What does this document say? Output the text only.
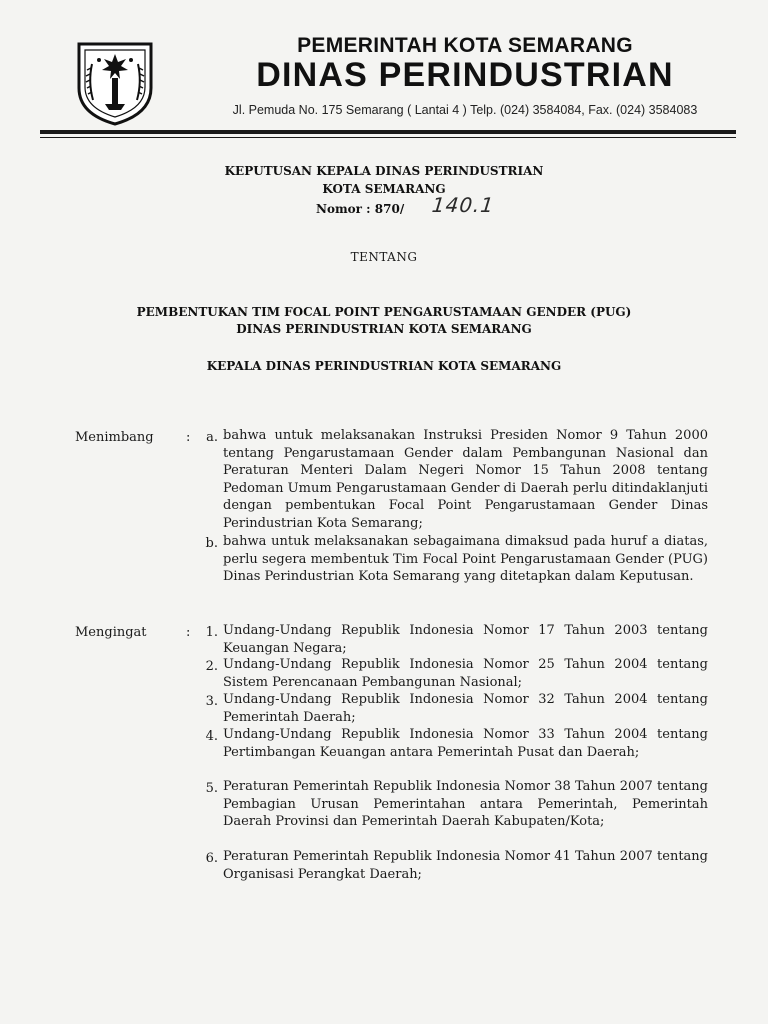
PEMERINTAH KOTA SEMARANG
DINAS PERINDUSTRIAN
Jl. Pemuda No. 175 Semarang ( Lantai 4 ) Telp. (024) 3584084, Fax. (024) 3584083
KEPUTUSAN KEPALA DINAS PERINDUSTRIAN
KOTA SEMARANG
Nomor : 870/ 140.1
TENTANG
PEMBENTUKAN TIM FOCAL POINT PENGARUSTAMAAN GENDER (PUG)
DINAS PERINDUSTRIAN KOTA SEMARANG
KEPALA DINAS PERINDUSTRIAN KOTA SEMARANG
Menimbang :	a. bahwa untuk melaksanakan Instruksi Presiden Nomor 9 Tahun 2000 tentang Pengarustamaan Gender dalam Pembangunan Nasional dan Peraturan Menteri Dalam Negeri Nomor 15 Tahun 2008 tentang Pedoman Umum Pengarustamaan Gender di Daerah perlu ditindaklanjuti dengan pembentukan Focal Point Pengarustamaan Gender Dinas Perindustrian Kota Semarang;

b. bahwa untuk melaksanakan sebagaimana dimaksud pada huruf a diatas, perlu segera membentuk Tim Focal Point Pengarustamaan Gender (PUG) Dinas Perindustrian Kota Semarang yang ditetapkan dalam Keputusan.

Mengingat	:	1. Undang-Undang Republik Indonesia Nomor 17 Tahun 2003 tentang Keuangan Negara;

2. Undang-Undang Republik Indonesia Nomor 25 Tahun 2004 tentang Sistem Perencanaan Pembangunan Nasional;

3. Undang-Undang Republik Indonesia Nomor 32 Tahun 2004 tentang Pemerintah Daerah;

4. Undang-Undang Republik Indonesia Nomor 33 Tahun 2004 tentang Pertimbangan Keuangan antara Pemerintah Pusat dan Daerah;

5. Peraturan Pemerintah Republik Indonesia Nomor 38 Tahun 2007 tentang Pembagian Urusan Pemerintahan antara Pemerintah, Pemerintah Daerah Provinsi dan Pemerintah Daerah Kabupaten/Kota;

6. Peraturan Pemerintah Republik Indonesia Nomor 41 Tahun 2007 tentang Organisasi Perangkat Daerah;
